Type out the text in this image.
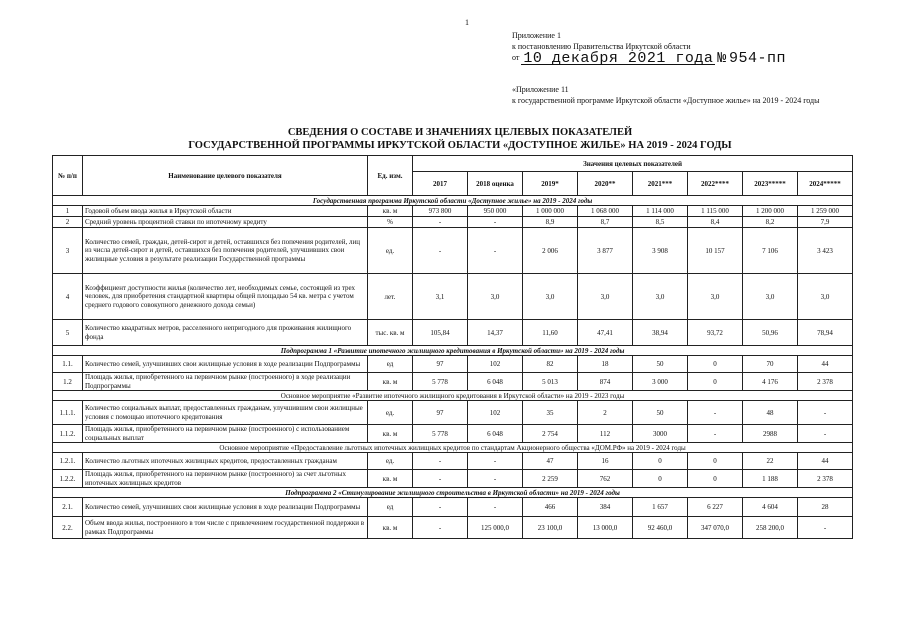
1
Приложение 1
к постановлению Правительства Иркутской области
от 10 декабря 2021 года № 954-пп
«Приложение 11
к государственной программе Иркутской области «Доступное жилье» на 2019 - 2024 годы
СВЕДЕНИЯ О СОСТАВЕ И ЗНАЧЕНИЯХ ЦЕЛЕВЫХ ПОКАЗАТЕЛЕЙ
ГОСУДАРСТВЕННОЙ ПРОГРАММЫ ИРКУТСКОЙ ОБЛАСТИ «ДОСТУПНОЕ ЖИЛЬЕ» НА 2019 - 2024 ГОДЫ
№ п/п	Наименование целевого показателя	Ед. изм.	Значения целевых показателей							
			2017	2018 оценка	2019*	2020**	2021***	2022****	2023*****	2024*****
Государственная программа Иркутской области «Доступное жилье» на 2019 - 2024 годы										
1	Годовой объем ввода жилья в Иркутской области	кв. м	973 800	950 000	1 000 000	1 068 000	1 114 000	1 115 000	1 200 000	1 259 000
2	Средний уровень процентной ставки по ипотечному кредиту	%	-	-	8,9	8,7	8,5	8,4	8,2	7,9
3	Количество семей, граждан, детей-сирот и детей, оставшихся без попечения родителей, лиц из числа детей-сирот и детей, оставшихся без попечения родителей, улучшивших свои жилищные условия в результате реализации Государственной программы	ед.	-	-	2 006	3 877	3 908	10 157	7 106	3 423
4	Коэффициент доступности жилья (количество лет, необходимых семье, состоящей из трех человек, для приобретения стандартной квартиры общей площадью 54 кв. метра с учетом среднего годового совокупного денежного дохода семьи)	лет.	3,1	3,0	3,0	3,0	3,0	3,0	3,0	3,0
5	Количество квадратных метров, расселенного непригодного для проживания жилищного фонда	тыс. кв. м	105,84	14,37	11,60	47,41	38,94	93,72	50,96	78,94
Подпрограмма 1 «Развитие ипотечного жилищного кредитования в Иркутской области» на 2019 - 2024 годы										
1.1.	Количество семей, улучшивших свои жилищные условия в ходе реализации Подпрограммы	ед	97	102	82	18	50	0	70	44
1.2	Площадь жилья, приобретенного на первичном рынке (построенного) в ходе реализации Подпрограммы	кв. м	5 778	6 048	5 013	874	3 000	0	4 176	2 378
Основное мероприятие «Развитие ипотечного жилищного кредитования в Иркутской области» на 2019 - 2023 годы										
1.1.1.	Количество социальных выплат, предоставленных гражданам, улучшившим свои жилищные условия с помощью ипотечного кредитования	ед.	97	102	35	2	50	-	48	-
1.1.2.	Площадь жилья, приобретенного на первичном рынке (построенного) с использованием социальных выплат	кв. м	5 778	6 048	2 754	112	3000	-	2988	-
Основное мероприятие «Предоставление льготных ипотечных жилищных кредитов по стандартам Акционерного общества «ДОМ.РФ» на 2019 - 2024 годы										
1.2.1.	Количество льготных ипотечных жилищных кредитов, предоставленных гражданам	ед.	-	-	47	16	0	0	22	44
1.2.2.	Площадь жилья, приобретенного на первичном рынке (построенного) за счет льготных ипотечных жилищных кредитов	кв. м	-	-	2 259	762	0	0	1 188	2 378
Подпрограмма 2 «Стимулирование жилищного строительства в Иркутской области» на 2019 - 2024 годы										
2.1.	Количество семей, улучшивших свои жилищные условия в ходе реализации Подпрограммы	ед	-	-	466	384	1 657	6 227	4 604	28
2.2.	Объем ввода жилья, построенного в том числе с привлечением государственной поддержки в рамках Подпрограммы	кв. м	-	125 000,0	23 100,0	13 000,0	92 460,0	347 070,0	258 200,0	-
